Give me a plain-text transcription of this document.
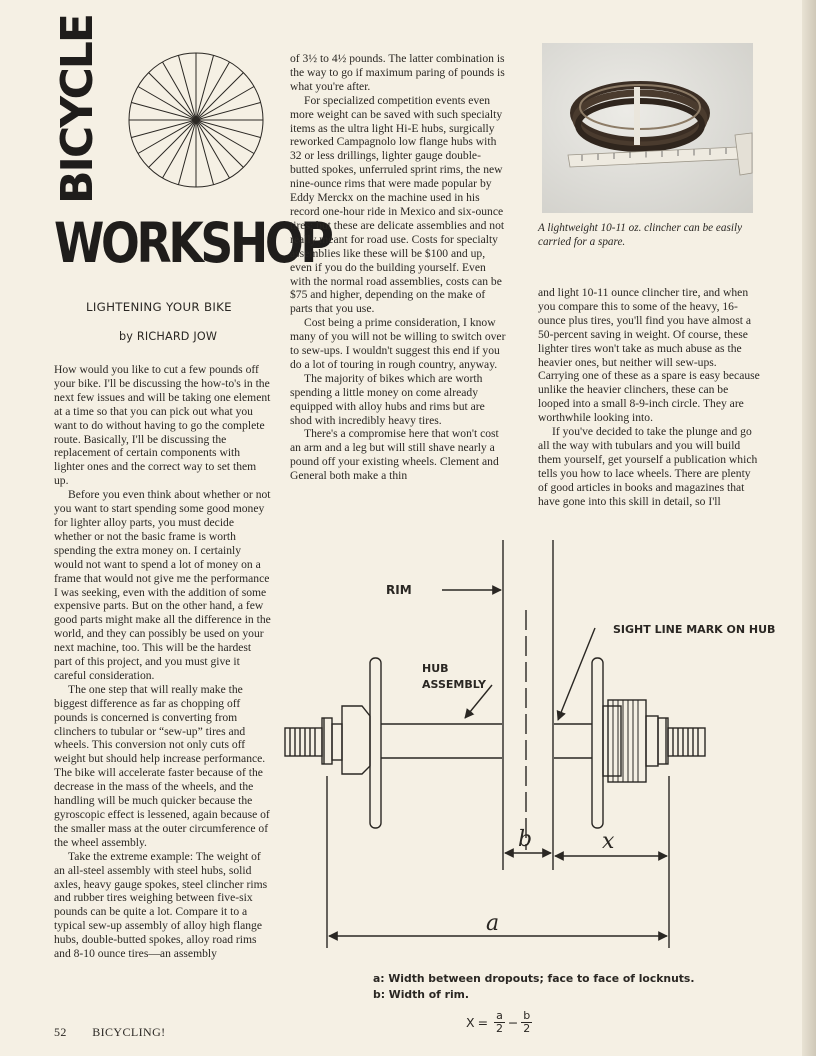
BICYCLE
WORKSHOP
LIGHTENING YOUR BIKE
by RICHARD JOW

How would you like to cut a few pounds off your bike. I'll be discussing the how-to's in the next few issues and will be taking one element at a time so that you can pick out what you want to do without having to go the complete route. Basically, I'll be discussing the replacement of certain components with lighter ones and the correct way to set them up.

Before you even think about whether or not you want to start spending some good money for lighter alloy parts, you must decide whether or not the basic frame is worth spending the extra money on. I certainly would not want to spend a lot of money on a frame that would not give me the performance I was seeking, even with the addition of some expensive parts. But on the other hand, a few good parts might make all the difference in the world, and they can possibly be used on your next machine, too. This will be the hardest part of this project, and you must give it careful consideration.

The one step that will really make the biggest difference as far as chopping off pounds is concerned is converting from clinchers to tubular or “sew-up” tires and wheels. This conversion not only cuts off weight but should help increase performance. The bike will accelerate faster because of the decrease in the mass of the wheels, and the handling will be much quicker because the gyroscopic effect is lessened, again because of the smaller mass at the outer circumference of the wheel assembly.

Take the extreme example: The weight of an all-steel assembly with steel hubs, solid axles, heavy gauge spokes, steel clincher rims and rubber tires weighing between five-six pounds can be quite a lot. Compare it to a typical sew-up assembly of alloy high flange hubs, double-butted spokes, alloy road rims and 8-10 ounce tires—an assembly

of 3½ to 4½ pounds. The latter combination is the way to go if maximum paring of pounds is what you're after.

For specialized competition events even more weight can be saved with such specialty items as the ultra light Hi-E hubs, surgically reworked Campagnolo low flange hubs with 32 or less drillings, lighter gauge double-butted spokes, unferruled sprint rims, the new nine-ounce rims that were made popular by Eddy Merckx on the machine used in his record one-hour ride in Mexico and six-ounce tires; but these are delicate assemblies and not really meant for road use. Costs for specialty assemblies like these will be $100 and up, even if you do the building yourself. Even with the normal road assemblies, costs can be $75 and higher, depending on the make of parts that you use.

Cost being a prime consideration, I know many of you will not be willing to switch over to sew-ups. I wouldn't suggest this end if you do a lot of touring in rough country, anyway.

The majority of bikes which are worth spending a little money on come already equipped with alloy hubs and rims but are shod with incredibly heavy tires.

There's a compromise here that won't cost an arm and a leg but will still shave nearly a pound off your existing wheels. Clement and General both make a thin

A lightweight 10-11 oz. clincher can be easily carried for a spare.

and light 10-11 ounce clincher tire, and when you compare this to some of the heavy, 16-ounce plus tires, you'll find you have almost a 50-percent saving in weight. Of course, these lighter tires won't take as much abuse as the heavier ones, but neither will sew-ups. Carrying one of these as a spare is easy because unlike the heavier clinchers, these can be looped into a small 8-9-inch circle. They are worthwhile looking into.

If you've decided to take the plunge and go all the way with tubulars and you will build them yourself, get yourself a publication which tells you how to lace wheels. There are plenty of good articles in books and magazines that have gone into this skill in detail, so I'll

RIM
HUB
ASSEMBLY
SIGHT LINE MARK ON HUB
b	x
a
a: Width between dropouts; face to face of locknuts.
b: Width of rim.
$X = \frac{a}{2} - \frac{b}{2}$
52 BICYCLING!
